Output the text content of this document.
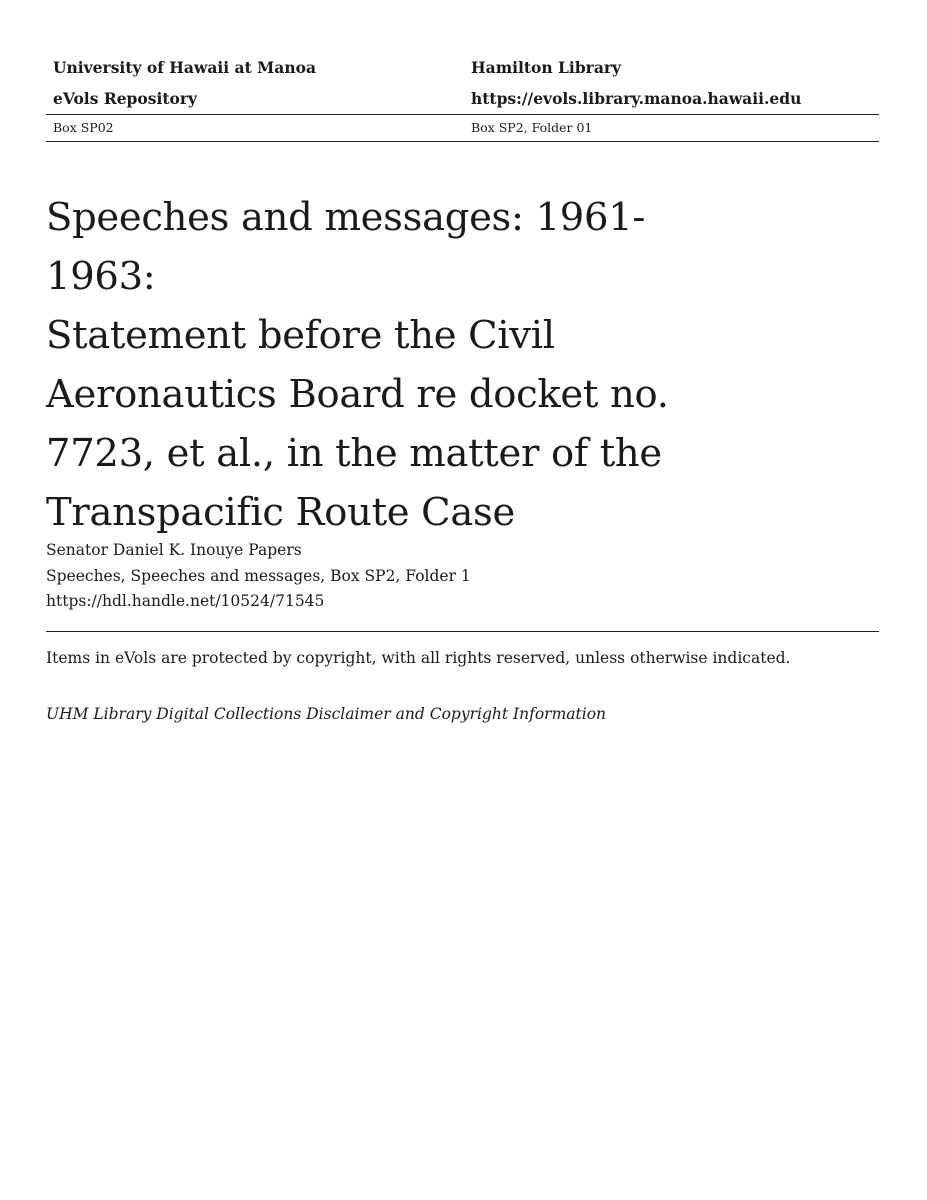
University of Hawaii at Manoa	Hamilton Library
eVols Repository	https://evols.library.manoa.hawaii.edu
Box SP02	Box SP2, Folder 01
Speeches and messages: 1961-1963:
Statement before the Civil
Aeronautics Board re docket no.
7723, et al., in the matter of the
Transpacific Route Case
Senator Daniel K. Inouye Papers
Speeches, Speeches and messages, Box SP2, Folder 1
https://hdl.handle.net/10524/71545
Items in eVols are protected by copyright, with all rights reserved, unless otherwise indicated.
UHM Library Digital Collections Disclaimer and Copyright Information
